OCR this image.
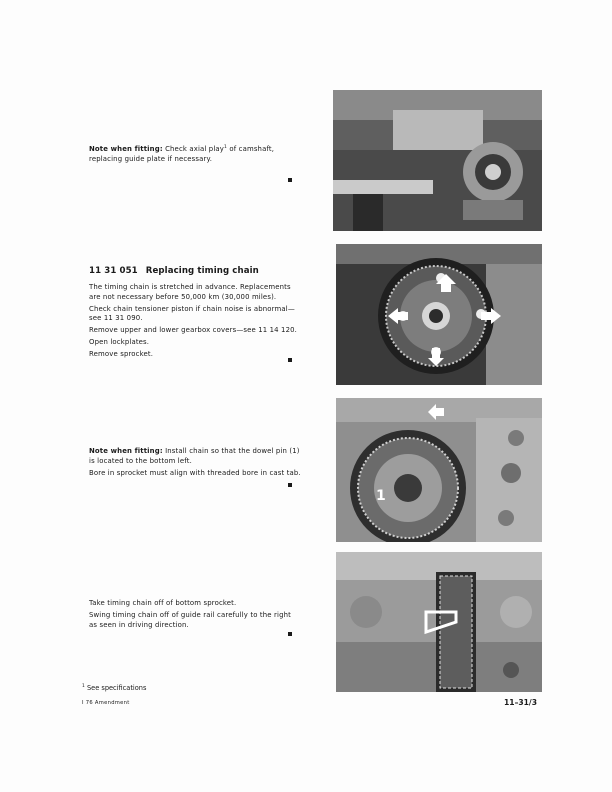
Note when fitting: Check axial play$^1$ of camshaft, replacing guide plate if necessary.

11 31 051 Replacing timing chain

The timing chain is stretched in advance. Replacements are not necessary before 50,000 km (30,000 miles).

Check chain tensioner piston if chain noise is abnormal—see 11 31 090.

Remove upper and lower gearbox covers—see 11 14 120.

Open lockplates.

Remove sprocket.

Note when fitting: Install chain so that the dowel pin (1) is located to the bottom left.

Bore in sprocket must align with threaded bore in cast tab.

Take timing chain off of bottom sprocket.

Swing timing chain off of guide rail carefully to the right as seen in driving direction.

1
$^1$ See specifications
I 76 Amendment	11–31/3
